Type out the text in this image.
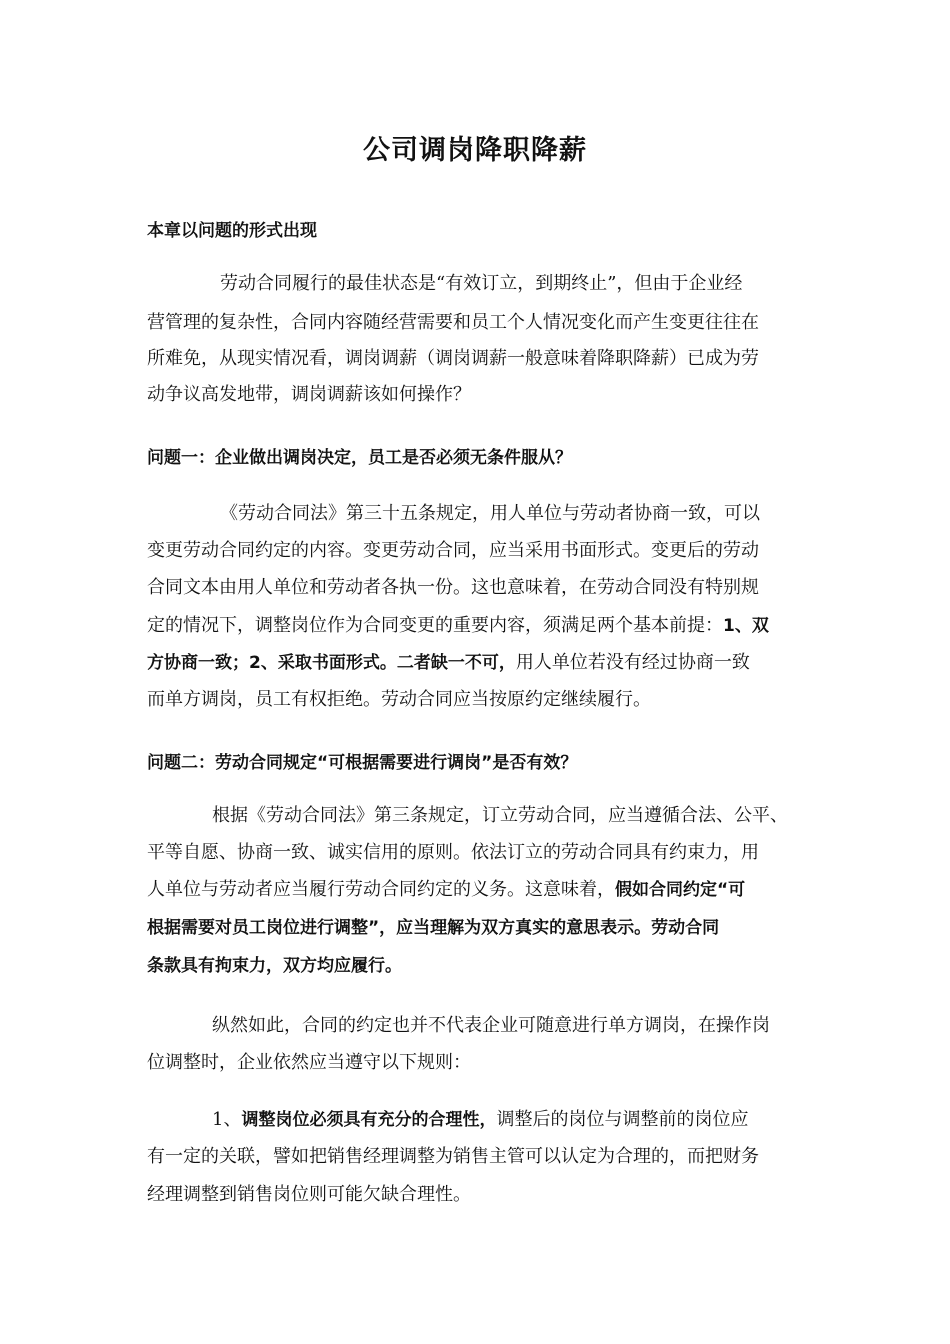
公司调岗降职降薪

本章以问题的形式出现

劳动合同履行的最佳状态是“有效订立，到期终止”，但由于企业经

营管理的复杂性，合同内容随经营需要和员工个人情况变化而产生变更往往在

所难免，从现实情况看，调岗调薪（调岗调薪一般意味着降职降薪）已成为劳

动争议高发地带，调岗调薪该如何操作？

问题一：企业做出调岗决定，员工是否必须无条件服从？

《劳动合同法》第三十五条规定，用人单位与劳动者协商一致，可以

变更劳动合同约定的内容。变更劳动合同，应当采用书面形式。变更后的劳动

合同文本由用人单位和劳动者各执一份。这也意味着，在劳动合同没有特别规

定的情况下，调整岗位作为合同变更的重要内容，须满足两个基本前提：1、双

方协商一致；2、采取书面形式。二者缺一不可，用人单位若没有经过协商一致

而单方调岗，员工有权拒绝。劳动合同应当按原约定继续履行。

问题二：劳动合同规定“可根据需要进行调岗”是否有效？

根据《劳动合同法》第三条规定，订立劳动合同，应当遵循合法、公平、

平等自愿、协商一致、诚实信用的原则。依法订立的劳动合同具有约束力，用

人单位与劳动者应当履行劳动合同约定的义务。这意味着，假如合同约定“可

根据需要对员工岗位进行调整”，应当理解为双方真实的意思表示。劳动合同

条款具有拘束力，双方均应履行。

纵然如此，合同的约定也并不代表企业可随意进行单方调岗，在操作岗

位调整时，企业依然应当遵守以下规则：

1、调整岗位必须具有充分的合理性，调整后的岗位与调整前的岗位应

有一定的关联，譬如把销售经理调整为销售主管可以认定为合理的，而把财务

经理调整到销售岗位则可能欠缺合理性。
